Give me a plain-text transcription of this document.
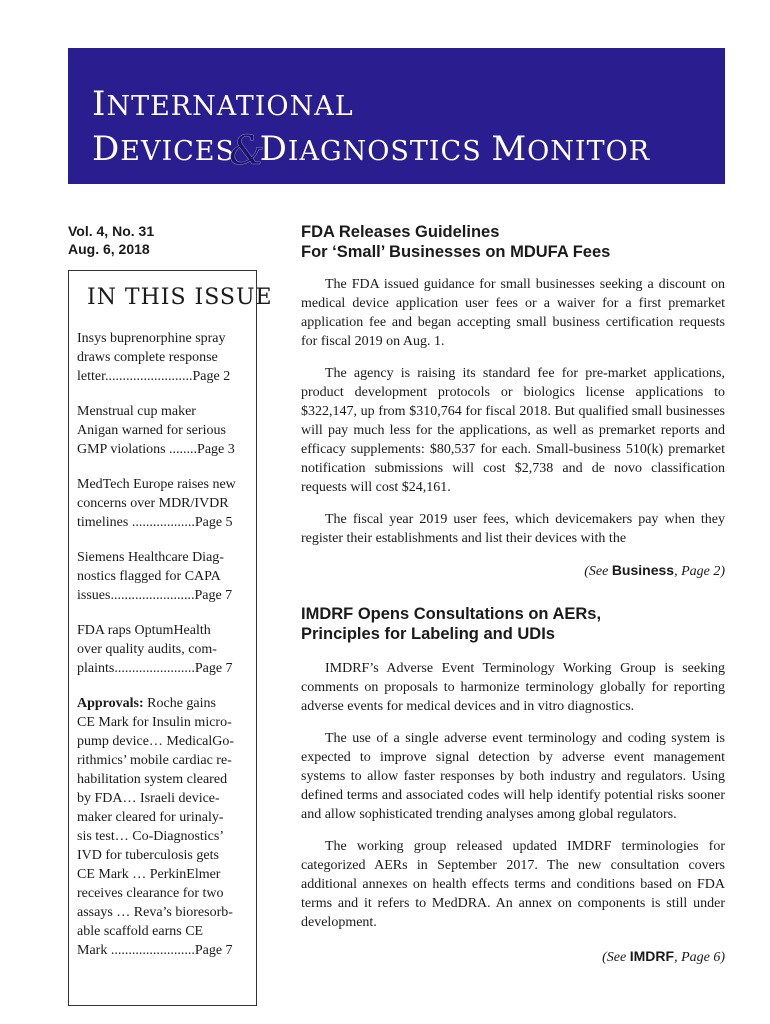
INTERNATIONAL
DEVICES&DIAGNOSTICS MONITOR
Vol. 4, No. 31
Aug. 6, 2018
IN THIS ISSUE
Insys buprenorphine spray
draws complete response
letter.........................Page 2
Menstrual cup maker
Anigan warned for serious
GMP violations ........Page 3
MedTech Europe raises new
concerns over MDR/IVDR
timelines ..................Page 5
Siemens Healthcare Diag-
nostics flagged for CAPA
issues........................Page 7
FDA raps OptumHealth
over quality audits, com-
plaints.......................Page 7
Approvals: Roche gains
CE Mark for Insulin micro-
pump device… MedicalGo-
rithmics’ mobile cardiac re-
habilitation system cleared
by FDA… Israeli device-
maker cleared for urinaly-
sis test… Co-Diagnostics’
IVD for tuberculosis gets
CE Mark … PerkinElmer
receives clearance for two
assays … Reva’s bioresorb-
able scaffold earns CE
Mark ........................Page 7
FDA Releases Guidelines
For ‘Small’ Businesses on MDUFA Fees

The FDA issued guidance for small businesses seeking a discount on medical device application user fees or a waiver for a first premarket application fee and began accepting small business certification requests for fiscal 2019 on Aug. 1.

The agency is raising its standard fee for pre-market applications, product development protocols or biologics license applications to $322,147, up from $310,764 for fiscal 2018. But qualified small businesses will pay much less for the applications, as well as premarket reports and efficacy supplements: $80,537 for each. Small-business 510(k) premarket notification submissions will cost $2,738 and de novo classification requests will cost $24,161.

The fiscal year 2019 user fees, which devicemakers pay when they register their establishments and list their devices with the

(See Business, Page 2)
IMDRF Opens Consultations on AERs,
Principles for Labeling and UDIs

IMDRF’s Adverse Event Terminology Working Group is seeking comments on proposals to harmonize terminology globally for reporting adverse events for medical devices and in vitro diagnostics.

The use of a single adverse event terminology and coding system is expected to improve signal detection by adverse event management systems to allow faster responses by both industry and regulators. Using defined terms and associated codes will help identify potential risks sooner and allow sophisticated trending analyses among global regulators.

The working group released updated IMDRF terminologies for categorized AERs in September 2017. The new consultation covers additional annexes on health effects terms and conditions based on FDA terms and it refers to MedDRA. An annex on components is still under development.

(See IMDRF, Page 6)
